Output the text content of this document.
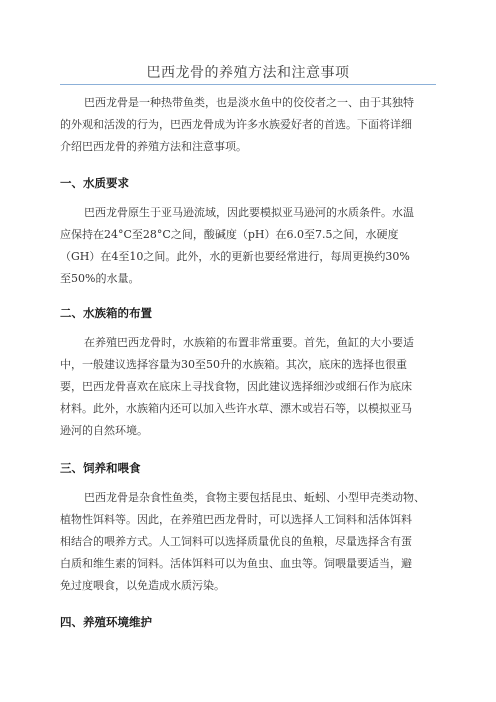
巴西龙骨的养殖方法和注意事项
巴西龙骨是一种热带鱼类，也是淡水鱼中的佼佼者之一、由于其独特
的外观和活泼的行为，巴西龙骨成为许多水族爱好者的首选。下面将详细
介绍巴西龙骨的养殖方法和注意事项。
一、水质要求
巴西龙骨原生于亚马逊流域，因此要模拟亚马逊河的水质条件。水温
应保持在24°C至28°C之间，酸碱度（pH）在6.0至7.5之间，水硬度
（GH）在4至10之间。此外，水的更新也要经常进行，每周更换约30%
至50%的水量。
二、水族箱的布置
在养殖巴西龙骨时，水族箱的布置非常重要。首先，鱼缸的大小要适
中，一般建议选择容量为30至50升的水族箱。其次，底床的选择也很重
要，巴西龙骨喜欢在底床上寻找食物，因此建议选择细沙或细石作为底床
材料。此外，水族箱内还可以加入些许水草、漂木或岩石等，以模拟亚马
逊河的自然环境。
三、饲养和喂食
巴西龙骨是杂食性鱼类，食物主要包括昆虫、蚯蚓、小型甲壳类动物、
植物性饵料等。因此，在养殖巴西龙骨时，可以选择人工饲料和活体饵料
相结合的喂养方式。人工饲料可以选择质量优良的鱼粮，尽量选择含有蛋
白质和维生素的饲料。活体饵料可以为鱼虫、血虫等。饲喂量要适当，避
免过度喂食，以免造成水质污染。
四、养殖环境维护
